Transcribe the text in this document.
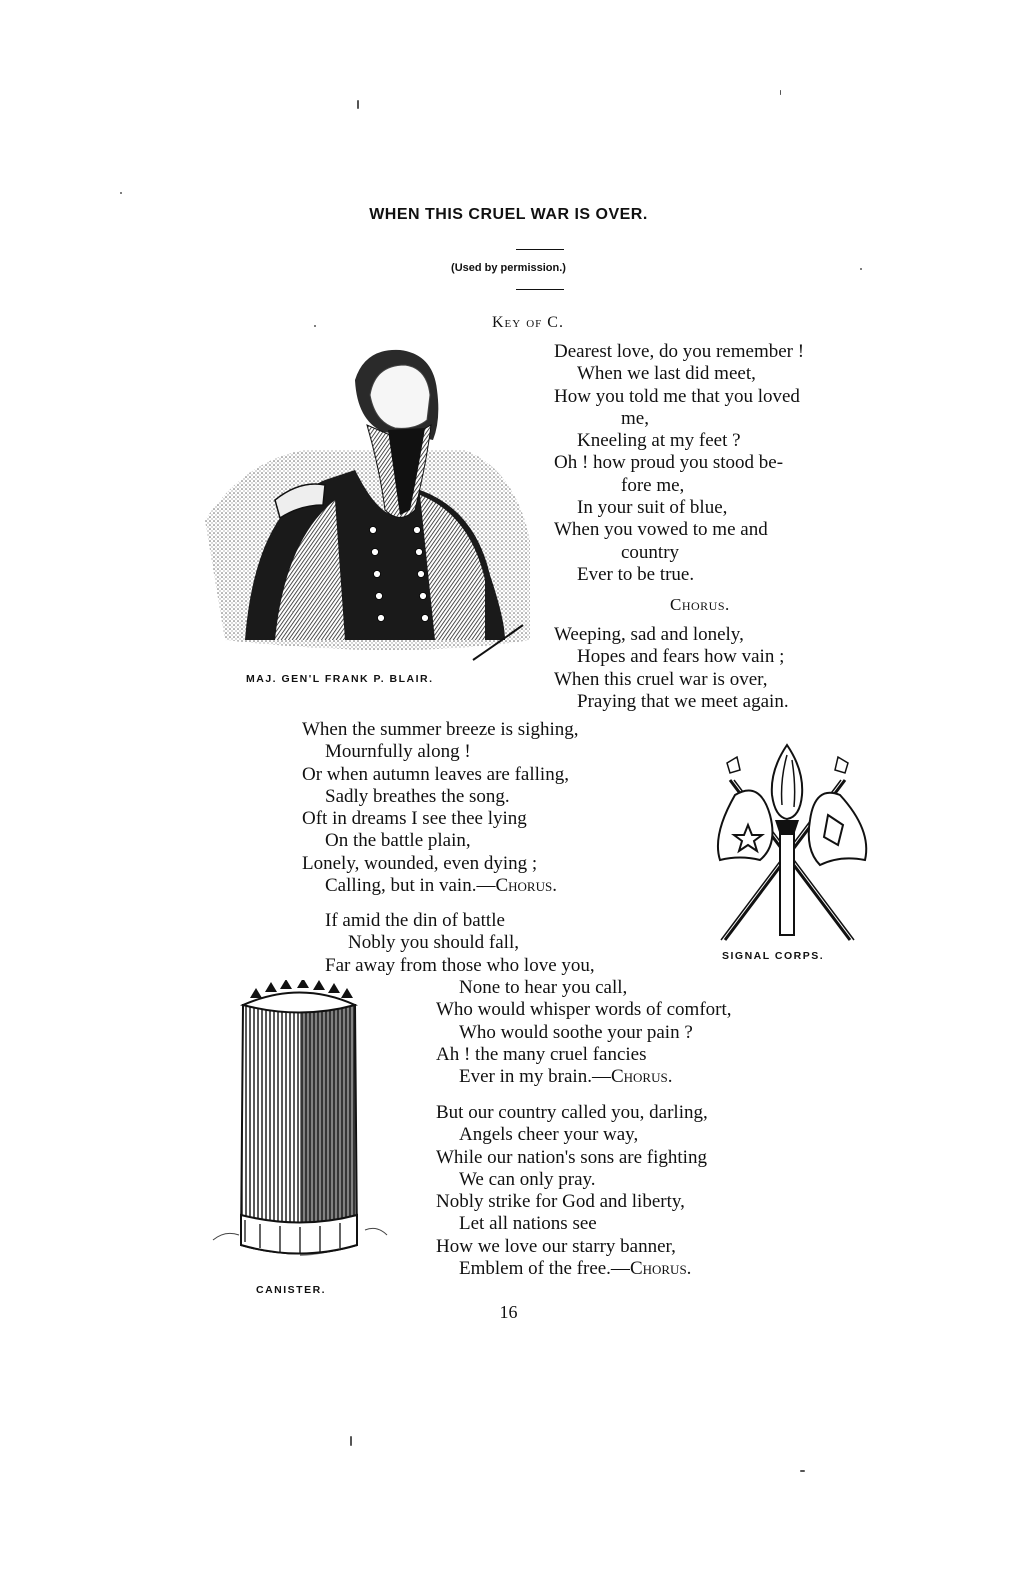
WHEN THIS CRUEL WAR IS OVER.
(Used by permission.)
Key of C.
MAJ. GEN'L FRANK P. BLAIR.
Dearest love, do you remember !
When we last did meet,
How you told me that you loved
me,
Kneeling at my feet ?
Oh ! how proud you stood be-
fore me,
In your suit of blue,
When you vowed to me and
country
Ever to be true.
Chorus.
Weeping, sad and lonely,
Hopes and fears how vain ;
When this cruel war is over,
Praying that we meet again.
When the summer breeze is sighing,
Mournfully along !
Or when autumn leaves are falling,
Sadly breathes the song.
Oft in dreams I see thee lying
On the battle plain,
Lonely, wounded, even dying ;
Calling, but in vain.—Chorus.
SIGNAL CORPS.
If amid the din of battle
Nobly you should fall,
Far away from those who love you,
None to hear you call,
Who would whisper words of comfort,
Who would soothe your pain ?
Ah ! the many cruel fancies
Ever in my brain.—Chorus.
CANISTER.
But our country called you, darling,
Angels cheer your way,
While our nation's sons are fighting
We can only pray.
Nobly strike for God and liberty,
Let all nations see
How we love our starry banner,
Emblem of the free.—Chorus.
16
